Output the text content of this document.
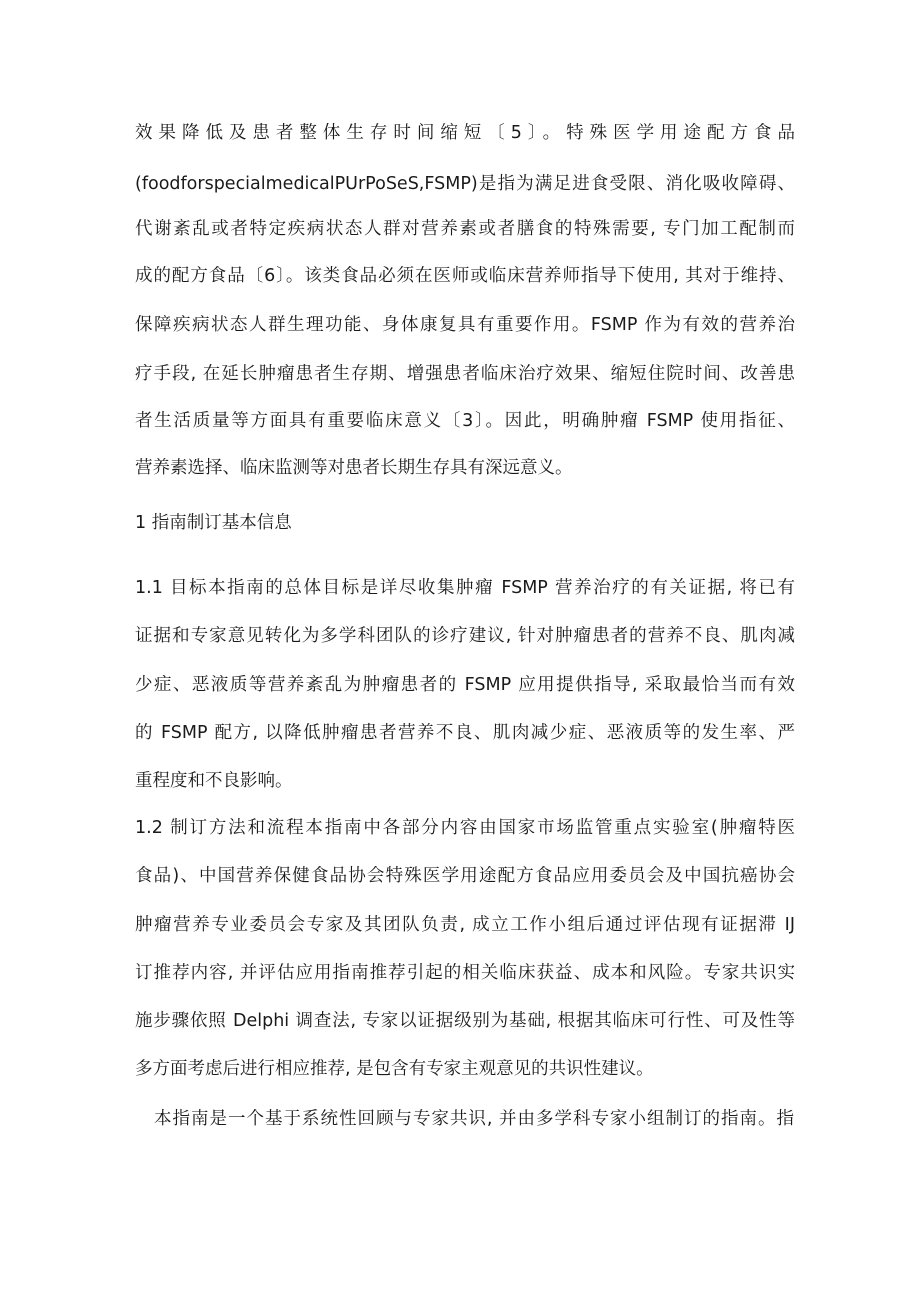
效果降低及患者整体生存时间缩短〔5〕。特殊医学用途配方食品
(foodforspecialmedicalPUrPoSeS,FSMP)是指为满足进食受限、消化吸收障碍、
代谢紊乱或者特定疾病状态人群对营养素或者膳食的特殊需要, 专门加工配制而
成的配方食品〔6〕。该类食品必须在医师或临床营养师指导下使用, 其对于维持、
保障疾病状态人群生理功能、身体康复具有重要作用。FSMP 作为有效的营养治
疗手段, 在延长肿瘤患者生存期、增强患者临床治疗效果、缩短住院时间、改善患
者生活质量等方面具有重要临床意义〔3〕。因此，明确肿瘤 FSMP 使用指征、
营养素选择、临床监测等对患者长期生存具有深远意义。
1 指南制订基本信息
1.1 目标本指南的总体目标是详尽收集肿瘤 FSMP 营养治疗的有关证据, 将已有
证据和专家意见转化为多学科团队的诊疗建议, 针对肿瘤患者的营养不良、肌肉减
少症、恶液质等营养紊乱为肿瘤患者的 FSMP 应用提供指导, 采取最恰当而有效
的 FSMP 配方, 以降低肿瘤患者营养不良、肌肉减少症、恶液质等的发生率、严
重程度和不良影响。
1.2 制订方法和流程本指南中各部分内容由国家市场监管重点实验室(肿瘤特医
食品)、中国营养保健食品协会特殊医学用途配方食品应用委员会及中国抗癌协会
肿瘤营养专业委员会专家及其团队负责, 成立工作小组后通过评估现有证据滞 IJ
订推荐内容, 并评估应用指南推荐引起的相关临床获益、成本和风险。专家共识实
施步骤依照 Delphi 调查法, 专家以证据级别为基础, 根据其临床可行性、可及性等
多方面考虑后进行相应推荐, 是包含有专家主观意见的共识性建议。
本指南是一个基于系统性回顾与专家共识, 并由多学科专家小组制订的指南。指
